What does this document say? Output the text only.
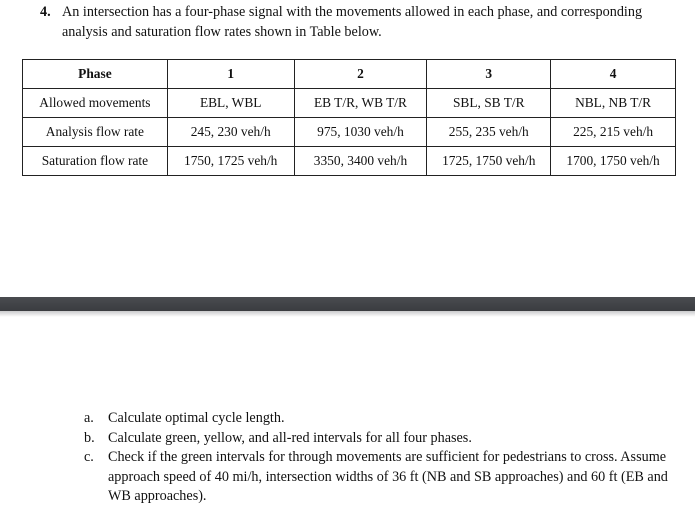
4. An intersection has a four-phase signal with the movements allowed in each phase, and corresponding analysis and saturation flow rates shown in Table below.
Phase	1	2	3	4
Allowed movements	EBL, WBL	EB T/R, WB T/R	SBL, SB T/R	NBL, NB T/R
Analysis flow rate	245, 230 veh/h	975, 1030 veh/h	255, 235 veh/h	225, 215 veh/h
Saturation flow rate	1750, 1725 veh/h	3350, 3400 veh/h	1725, 1750 veh/h	1700, 1750 veh/h
a. Calculate optimal cycle length.
b. Calculate green, yellow, and all-red intervals for all four phases.
c. Check if the green intervals for through movements are sufficient for pedestrians to cross. Assume approach speed of 40 mi/h, intersection widths of 36 ft (NB and SB approaches) and 60 ft (EB and WB approaches).
